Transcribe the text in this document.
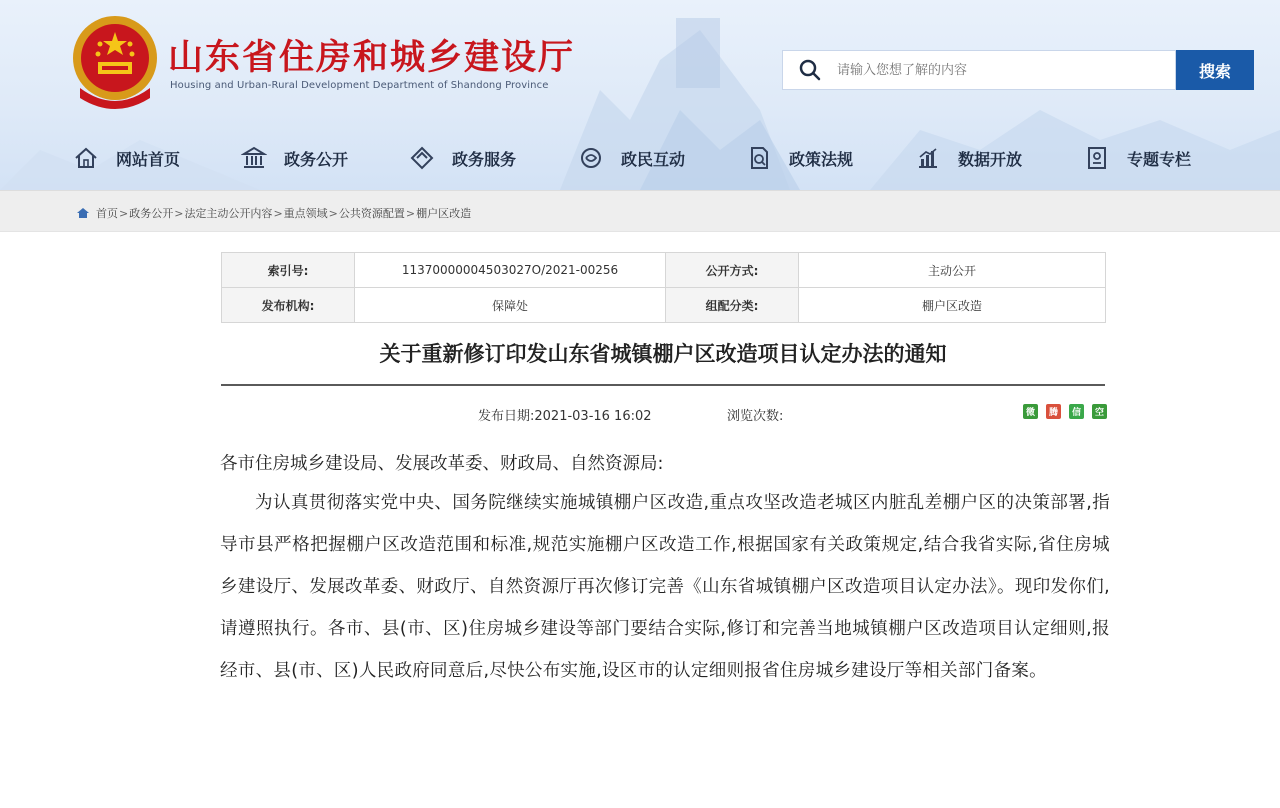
山东省住房和城乡建设厅
Housing and Urban-Rural Development Department of Shandong Province
请输入您想了解的内容
搜索
网站首页	政务公开	政务服务	政民互动	政策法规	数据开放	专题专栏
首页 > 政务公开 > 法定主动公开内容 > 重点领域 > 公共资源配置 > 棚户区改造
索引号:	11370000004503027O/2021-00256	公开方式:	主动公开
发布机构:	保障处	组配分类:	棚户区改造
关于重新修订印发山东省城镇棚户区改造项目认定办法的通知
发布日期:2021-03-16 16:02	浏览次数:	微	腾	信	空

各市住房城乡建设局、发展改革委、财政局、自然资源局:

为认真贯彻落实党中央、国务院继续实施城镇棚户区改造,重点攻坚改造老城区内脏乱差棚户区的决策部署,指导市县严格把握棚户区改造范围和标准,规范实施棚户区改造工作,根据国家有关政策规定,结合我省实际,省住房城乡建设厅、发展改革委、财政厅、自然资源厅再次修订完善《山东省城镇棚户区改造项目认定办法》。现印发你们,请遵照执行。各市、县(市、区)住房城乡建设等部门要结合实际,修订和完善当地城镇棚户区改造项目认定细则,报经市、县(市、区)人民政府同意后,尽快公布实施,设区市的认定细则报省住房城乡建设厅等相关部门备案。
